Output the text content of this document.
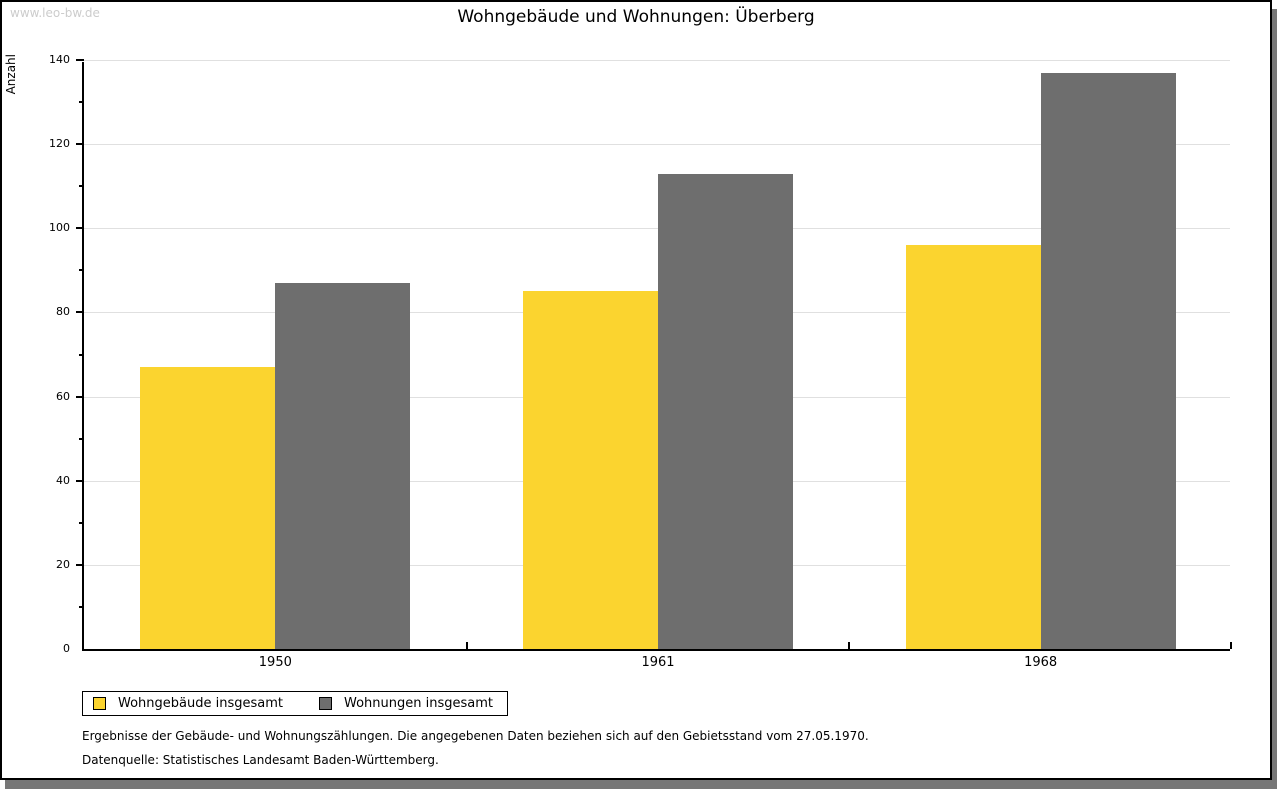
www.leo-bw.de	Wohngebäude und Wohnungen: Überberg
Anzahl
0
20
40
60
80
100
120
140
1950	1961	1968
Wohngebäude insgesamt	Wohnungen insgesamt
Ergebnisse der Gebäude- und Wohnungszählungen. Die angegebenen Daten beziehen sich auf den Gebietsstand vom 27.05.1970.
Datenquelle: Statistisches Landesamt Baden-Württemberg.
